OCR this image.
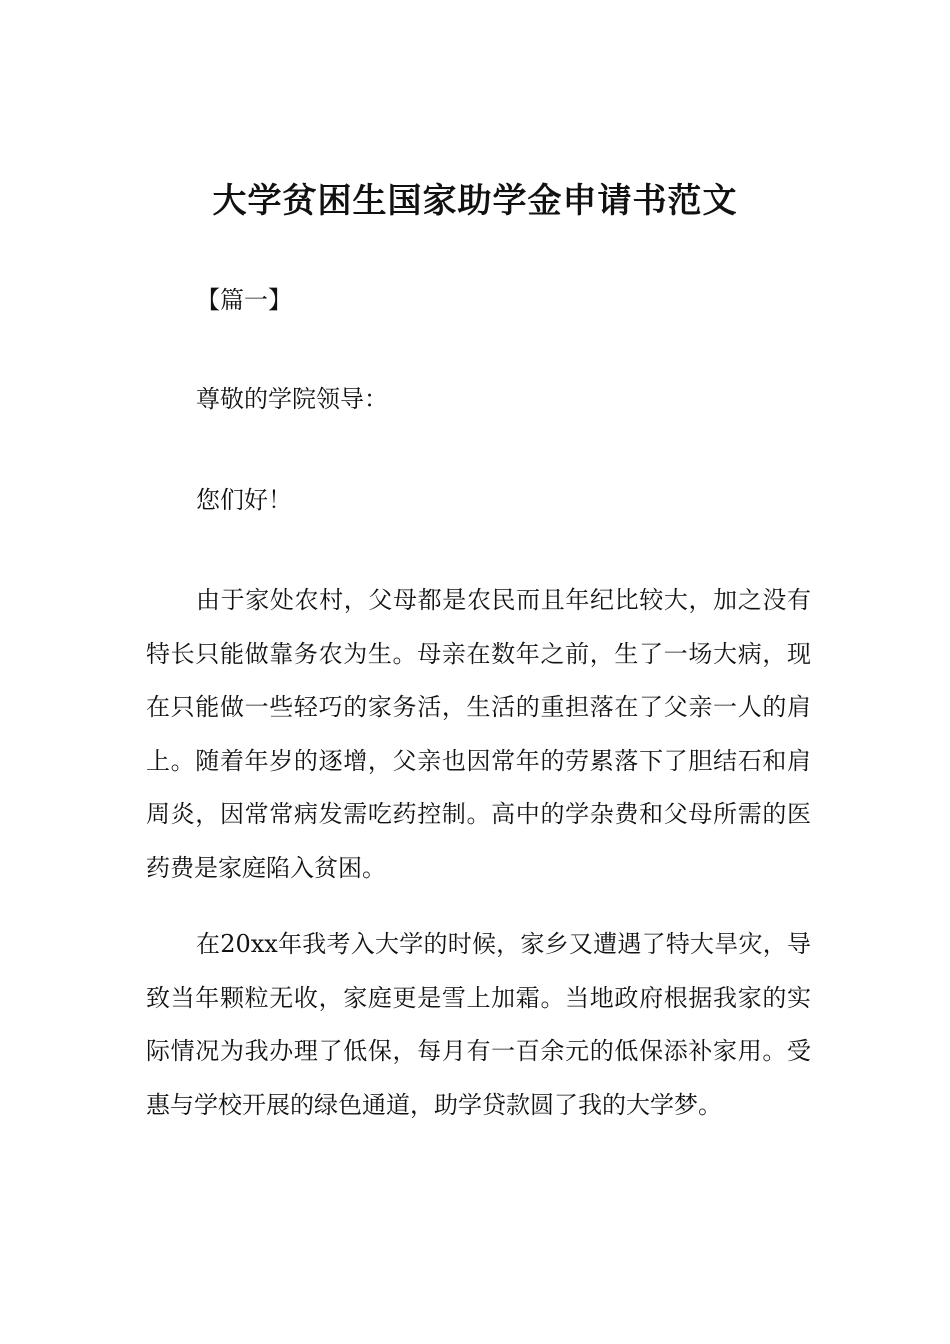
大学贫困生国家助学金申请书范文
【篇一】
尊敬的学院领导：
您们好！

由于家处农村，父母都是农民而且年纪比较大，加之没有特长只能做靠务农为生。母亲在数年之前，生了一场大病，现在只能做一些轻巧的家务活，生活的重担落在了父亲一人的肩上。随着年岁的逐增，父亲也因常年的劳累落下了胆结石和肩周炎，因常常病发需吃药控制。高中的学杂费和父母所需的医药费是家庭陷入贫困。

在20xx年我考入大学的时候，家乡又遭遇了特大旱灾，导致当年颗粒无收，家庭更是雪上加霜。当地政府根据我家的实际情况为我办理了低保，每月有一百余元的低保添补家用。受惠与学校开展的绿色通道，助学贷款圆了我的大学梦。
